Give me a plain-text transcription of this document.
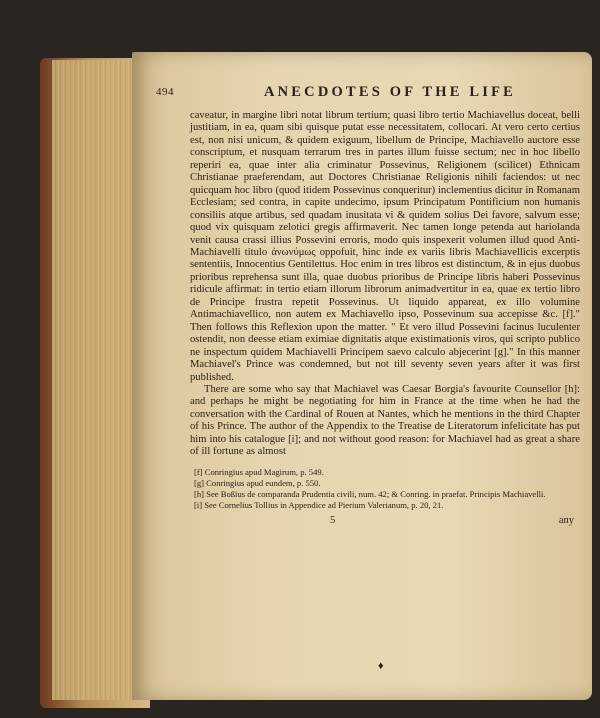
494	ANECDOTES OF THE LIFE

caveatur, in margine libri notat librum tertium; quasi libro tertio Machiavellus doceat, belli justitiam, in ea, quam sibi quisque putat esse necessitatem, collocari. At vero certo certius est, non nisi unicum, & quidem exiguum, libellum de Principe, Machiavello auctore esse conscriptum, et nusquam terrarum tres in partes illum fuisse sectum; nec in hoc libello reperiri ea, quae inter alia criminatur Possevinus, Religionem (scilicet) Ethnicam Christianae praeferendam, aut Doctores Christianae Religionis nihili faciendos: ut nec quicquam hoc libro (quod itidem Possevinus conqueritur) inclementius dicitur in Romanam Ecclesiam; sed contra, in capite undecimo, ipsum Principatum Pontificium non humanis consiliis atque artibus, sed quadam inusitata vi & quidem solius Dei favore, salvum esse; quod vix quisquam zelotici gregis affirmaverit. Nec tamen longe petenda aut hariolanda venit causa crassi illius Possevini erroris, modo quis inspexerit volumen illud quod Anti-Machiavelli titulo ἀνωνύμως oppofuit, hinc inde ex variis libris Machiavellicis excerptis sententiis, Innocentius Gentilettus. Hoc enim in tres libros est distinctum, & in ejus duobus prioribus reprehensa sunt illa, quae duobus prioribus de Principe libris haberi Possevinus ridicule affirmat: in tertio etiam illorum librorum animadvertitur in ea, quae ex tertio libro de Principe frustra repetit Possevinus. Ut liquido appareat, ex illo volumine Antimachiavellico, non autem ex Machiavello ipso, Possevinum sua accepisse &c. [f]." Then follows this Reflexion upon the matter. " Et vero illud Possevini facinus luculenter ostendit, non deesse etiam eximiae dignitatis atque existimationis viros, qui scripto publico ne inspectum quidem Machiavelli Principem saevo calculo abjecerint [g]." In this manner Machiavel's Prince was condemned, but not till seventy seven years after it was first published.

There are some who say that Machiavel was Caesar Borgia's favourite Counsellor [h]: and perhaps he might be negotiating for him in France at the time when he had the conversation with the Cardinal of Rouen at Nantes, which he mentions in the third Chapter of his Prince. The author of the Appendix to the Treatise de Literatorum infelicitate has put him into his catalogue [i]; and not without good reason: for Machiavel had as great a share of ill fortune as almost

[f] Conringius apud Magirum, p. 549.
[g] Conringius apud eundem, p. 550.
[h] See Boßius de comparanda Prudentia civili, num. 42; & Conring. in praefat. Principis Machiavelli.
[i] See Cornelius Tollius in Appendice ad Pierium Valerianum, p. 20, 21.
5	any
♦
